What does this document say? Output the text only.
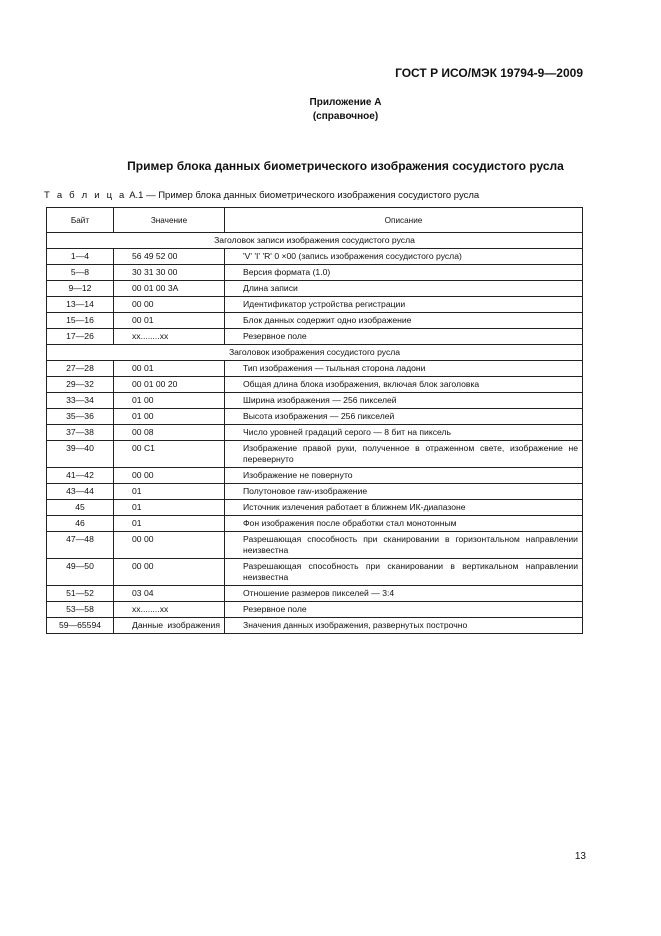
ГОСТ Р ИСО/МЭК 19794-9—2009
Приложение А
(справочное)
Пример блока данных биометрического изображения сосудистого русла
Т а б л и ц а А.1 — Пример блока данных биометрического изображения сосудистого русла
Байт	Значение	Описание
Заголовок записи изображения сосудистого русла		
1—4	56 49 52 00	'V' 'I' 'R' 0 ×00 (запись изображения сосудистого русла)

5—8	30 31 30 00	Версия формата (1.0)

9—12	00 01 00 3A	Длина записи

13—14	00 00	Идентификатор устройства регистрации

15—16	00 01	Блок данных содержит одно изображение

17—26	xx........xx	Резервное поле

Заголовок изображения сосудистого русла		
27—28	00 01	Тип изображения — тыльная сторона ладони

29—32	00 01 00 20	Общая длина блока изображения, включая блок заголовка

33—34	01 00	Ширина изображения — 256 пикселей

35—36	01 00	Высота изображения — 256 пикселей

37—38	00 08	Число уровней градаций серого — 8 бит на пиксель

39—40	00 C1	Изображение правой руки, полученное в отраженном свете, изображение не перевернуто

41—42	00 00	Изображение не повернуто

43—44	01	Полутоновое raw-изображение

45	01	Источник излечения работает в ближнем ИК-диапазоне

46	01	Фон изображения после обработки стал монотонным

47—48	00 00	Разрешающая способность при сканировании в горизонтальном направлении неизвестна

49—50	00 00	Разрешающая способность при сканировании в вертикальном направлении неизвестна

51—52	03 04	Отношение размеров пикселей — 3:4

53—58	xx........xx	Резервное поле

59—65594	Данные изображения	Значения данных изображения, развернутых построчно
13
